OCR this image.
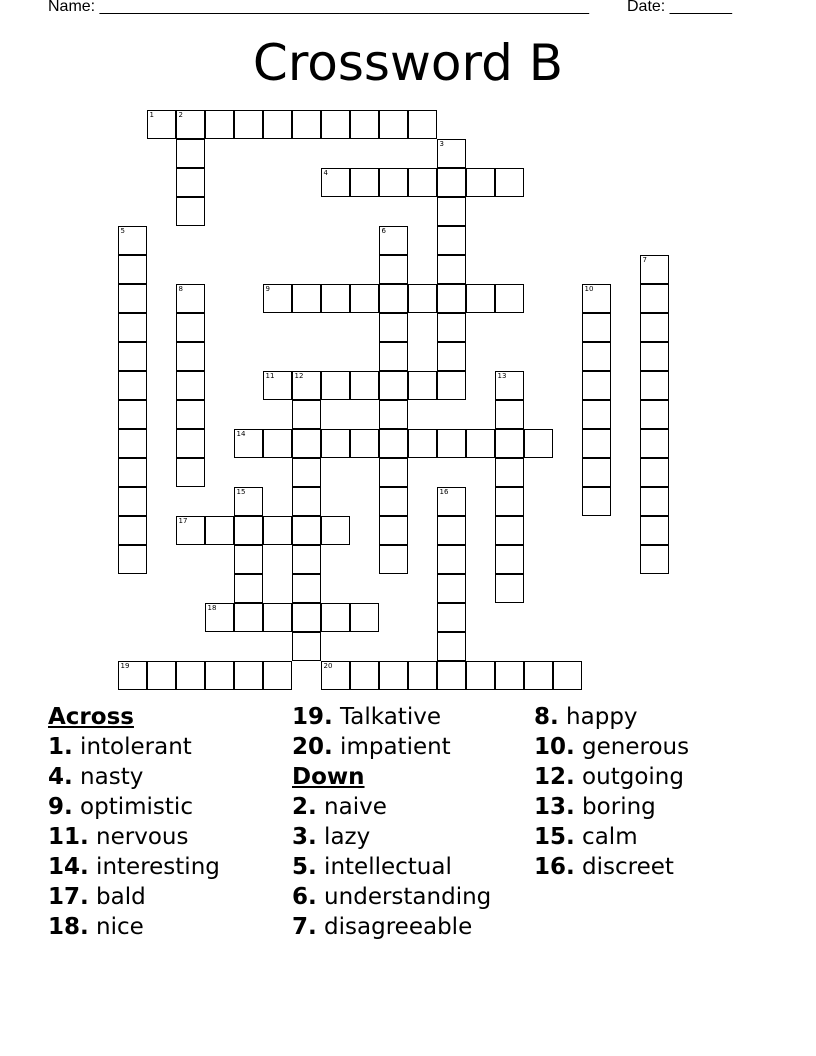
Name: _______________________________________________________ Date: _______
Crossword B
1	2
3
4
5	6
7
8	9	10
11	12	13
14
15	16
17
18
19	20
Across
1. intolerant
4. nasty
9. optimistic
11. nervous
14. interesting
17. bald
18. nice
19. Talkative
20. impatient
Down
2. naive
3. lazy
5. intellectual
6. understanding
7. disagreeable
8. happy
10. generous
12. outgoing
13. boring
15. calm
16. discreet
